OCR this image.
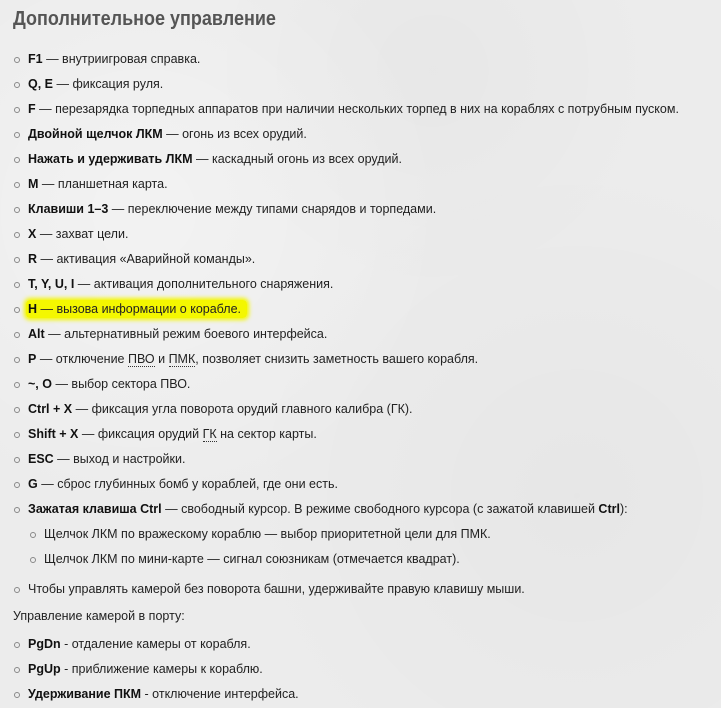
Дополнительное управление
F1 — внутриигровая справка.
Q, E — фиксация руля.
F — перезарядка торпедных аппаратов при наличии нескольких торпед в них на кораблях с потрубным пуском.
Двойной щелчок ЛКМ — огонь из всех орудий.
Нажать и удерживать ЛКМ — каскадный огонь из всех орудий.
M — планшетная карта.
Клавиши 1–3 — переключение между типами снарядов и торпедами.
X — захват цели.
R — активация «Аварийной команды».
T, Y, U, I — активация дополнительного снаряжения.
H — вызова информации о корабле.
Alt — альтернативный режим боевого интерфейса.
P — отключение ПВО и ПМК, позволяет снизить заметность вашего корабля.
~, O — выбор сектора ПВО.
Ctrl + X — фиксация угла поворота орудий главного калибра (ГК).
Shift + X — фиксация орудий ГК на сектор карты.
ESC — выход и настройки.
G — сброс глубинных бомб у кораблей, где они есть.
Зажатая клавиша Ctrl — свободный курсор. В режиме свободного курсора (с зажатой клавишей Ctrl):
Щелчок ЛКМ по вражескому кораблю — выбор приоритетной цели для ПМК.
Щелчок ЛКМ по мини-карте — сигнал союзникам (отмечается квадрат).
Чтобы управлять камерой без поворота башни, удерживайте правую клавишу мыши.
Управление камерой в порту:
PgDn - отдаление камеры от корабля.
PgUp - приближение камеры к кораблю.
Удерживание ПКМ - отключение интерфейса.
